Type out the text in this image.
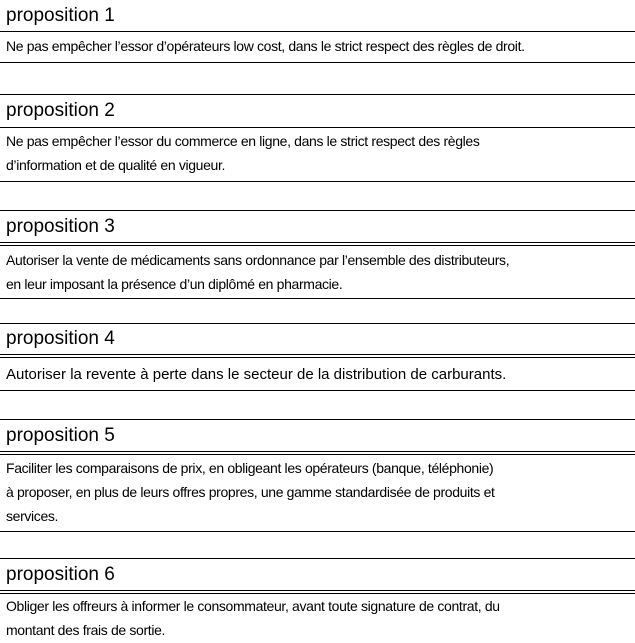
proposition 1
Ne pas empêcher l’essor d’opérateurs low cost, dans le strict respect des règles de droit.
proposition 2
Ne pas empêcher l’essor du commerce en ligne, dans le strict respect des règles
d’information et de qualité en vigueur.
proposition 3
Autoriser la vente de médicaments sans ordonnance par l’ensemble des distributeurs,
en leur imposant la présence d’un diplômé en pharmacie.
proposition 4
Autoriser la revente à perte dans le secteur de la distribution de carburants.
proposition 5
Faciliter les comparaisons de prix, en obligeant les opérateurs (banque, téléphonie)
à proposer, en plus de leurs offres propres, une gamme standardisée de produits et
services.
proposition 6
Obliger les offreurs à informer le consommateur, avant toute signature de contrat, du
montant des frais de sortie.
